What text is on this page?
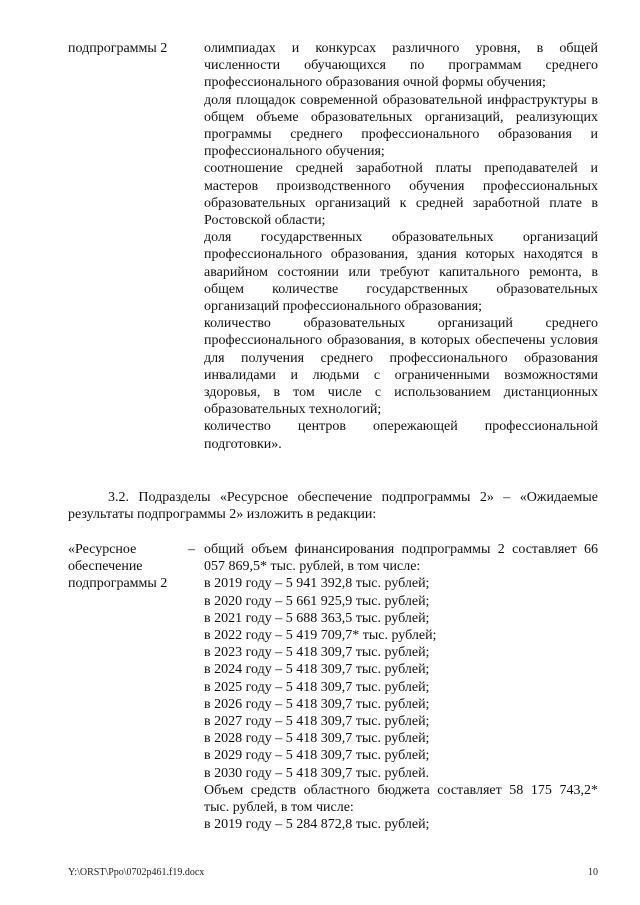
подпрограммы 2	олимпиадах и конкурсах различного уровня, в общей численности обучающихся по программам среднего профессионального образования очной формы обучения;

доля площадок современной образовательной инфраструктуры в общем объеме образовательных организаций, реализующих программы среднего профессионального образования и профессионального обучения;

соотношение средней заработной платы преподавателей и мастеров производственного обучения профессиональных образовательных организаций к средней заработной плате в Ростовской области;

доля государственных образовательных организаций профессионального образования, здания которых находятся в аварийном состоянии или требуют капитального ремонта, в общем количестве государственных образовательных организаций профессионального образования;

количество образовательных организаций среднего профессионального образования, в которых обеспечены условия для получения среднего профессионального образования инвалидами и людьми с ограниченными возможностями здоровья, в том числе с использованием дистанционных образовательных технологий;

количество центров опережающей профессиональной подготовки».

3.2. Подразделы «Ресурсное обеспечение подпрограммы 2» – «Ожидаемые результаты подпрограммы 2» изложить в редакции:
«Ресурсное
обеспечение
подпрограммы 2
– общий объем финансирования подпрограммы 2 составляет 66 057 869,5* тыс. рублей, в том числе:

в 2019 году – 5 941 392,8 тыс. рублей;
в 2020 году – 5 661 925,9 тыс. рублей;
в 2021 году – 5 688 363,5 тыс. рублей;
в 2022 году – 5 419 709,7* тыс. рублей;
в 2023 году – 5 418 309,7 тыс. рублей;
в 2024 году – 5 418 309,7 тыс. рублей;
в 2025 году – 5 418 309,7 тыс. рублей;
в 2026 году – 5 418 309,7 тыс. рублей;
в 2027 году – 5 418 309,7 тыс. рублей;
в 2028 году – 5 418 309,7 тыс. рублей;
в 2029 году – 5 418 309,7 тыс. рублей;
в 2030 году – 5 418 309,7 тыс. рублей.

Объем средств областного бюджета составляет 58 175 743,2* тыс. рублей, в том числе:

в 2019 году – 5 284 872,8 тыс. рублей;
Y:\ORST\Ppo\0702p461.f19.docx	10
